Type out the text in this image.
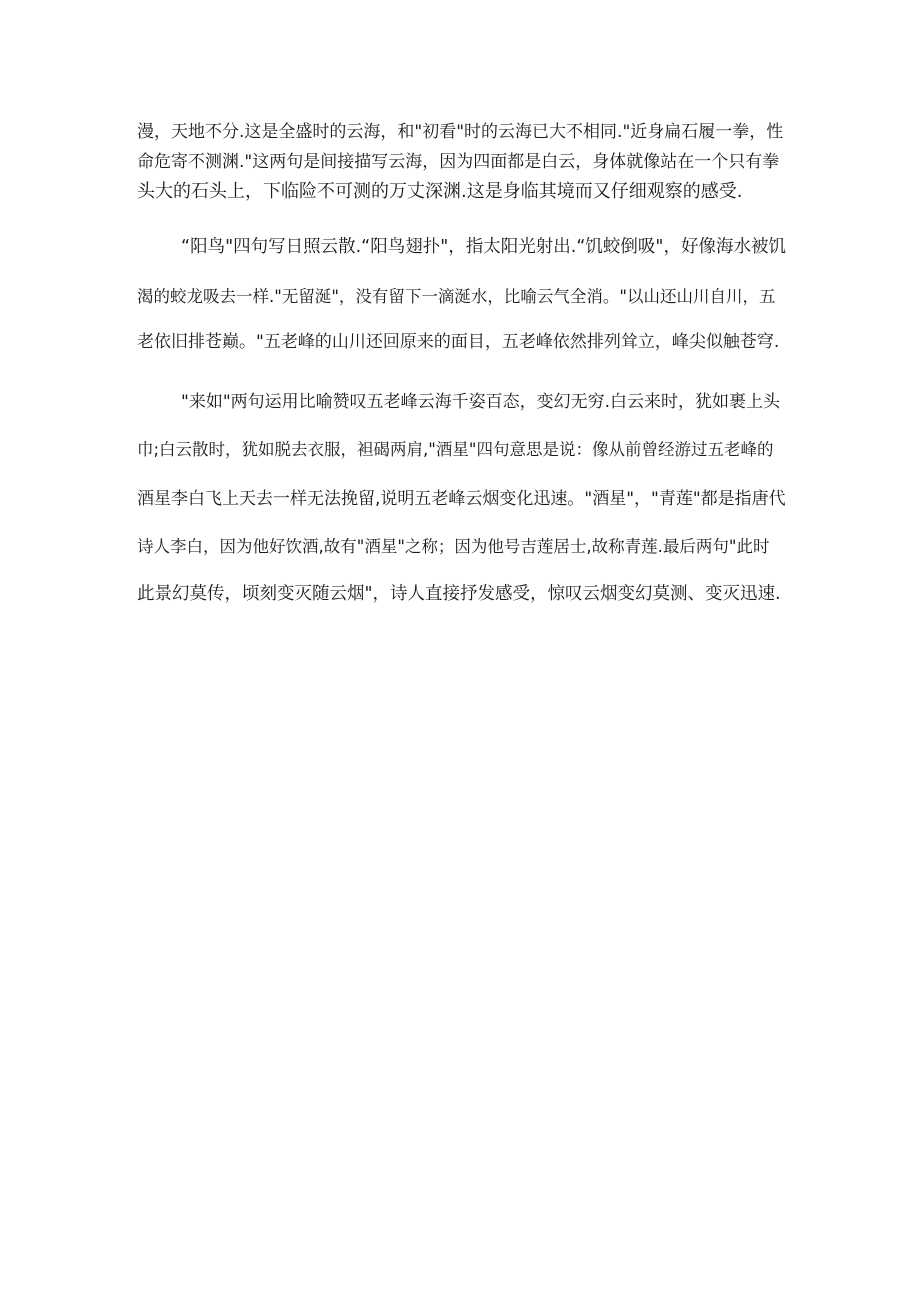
漫，天地不分.这是全盛时的云海，和"初看"时的云海已大不相同."近身扁石履一拳，性
命危寄不测渊."这两句是间接描写云海，因为四面都是白云，身体就像站在一个只有拳
头大的石头上，下临险不可测的万丈深渊.这是身临其境而又仔细观察的感受.
“阳鸟"四句写日照云散.“阳鸟翅扑"，指太阳光射出.“饥蛟倒吸"，好像海水被饥
渴的蛟龙吸去一样."无留涎"，没有留下一滴涎水，比喻云气全消。"以山还山川自川，五
老依旧排苍巅。"五老峰的山川还回原来的面目，五老峰依然排列耸立，峰尖似触苍穹.
"来如"两句运用比喻赞叹五老峰云海千姿百态，变幻无穷.白云来时，犹如裹上头
巾;白云散时，犹如脱去衣服，袒碣两肩,"酒星"四句意思是说：像从前曾经游过五老峰的
酒星李白飞上天去一样无法挽留,说明五老峰云烟变化迅速。"酒星"，"青莲"都是指唐代
诗人李白，因为他好饮酒,故有"酒星"之称；因为他号吉莲居士,故称青莲.最后两句"此时
此景幻莫传，顷刻变灭随云烟"，诗人直接抒发感受，惊叹云烟变幻莫测、变灭迅速.
